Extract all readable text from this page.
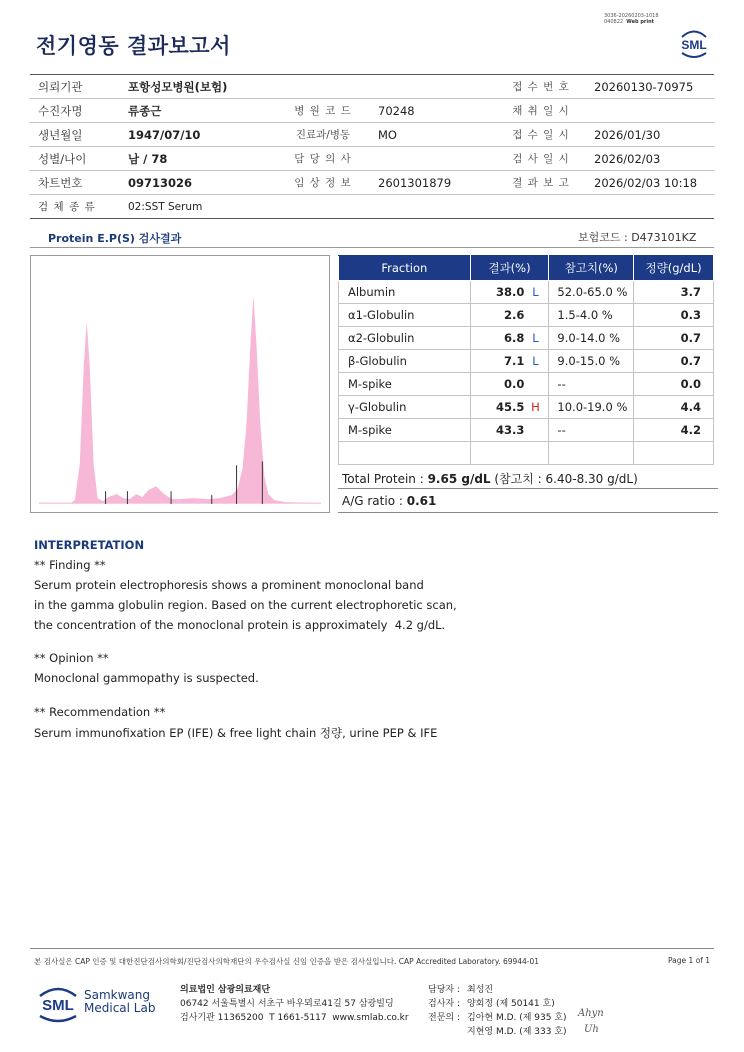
3036-20260203-1018
040822 Web print
전기영동 결과보고서	SML
의뢰기관	포항성모병원(보험)			접 수 번 호	20260130-70975
수진자명	류종근	병 원 코 드	70248	채 취 일 시	
생년월일	1947/07/10	진료과/병동	MO	접 수 일 시	2026/01/30
성별/나이	남 / 78	담 당 의 사		검 사 일 시	2026/02/03
차트번호	09713026	임 상 정 보	2601301879	결 과 보 고	2026/02/03 10:18
검 체 종 류	02:SST Serum				
Protein E.P(S) 검사결과	보험코드 : D473101KZ
Fraction	결과(%)	참고치(%)	정량(g/dL)
Albumin	38.0 L	52.0-65.0 %	3.7
α1-Globulin	2.6	1.5-4.0 %	0.3
α2-Globulin	6.8 L	9.0-14.0 %	0.7
β-Globulin	7.1 L	9.0-15.0 %	0.7
M-spike	0.0	--	0.0
γ-Globulin	45.5 H	10.0-19.0 %	4.4
M-spike	43.3	--	4.2

Total Protein : 9.65 g/dL (참고치 : 6.40-8.30 g/dL)
A/G ratio : 0.61
INTERPRETATION
** Finding **
Serum protein electrophoresis shows a prominent monoclonal band
in the gamma globulin region. Based on the current electrophoretic scan,
the concentration of the monoclonal protein is approximately  4.2 g/dL.
** Opinion **
Monoclonal gammopathy is suspected.
** Recommendation **
Serum immunofixation EP (IFE) & free light chain 정량, urine PEP & IFE
본 검사실은 CAP 인증 및 대한진단검사의학회/진단검사의학재단의 우수검사실 신임 인증을 받은 검사실입니다. CAP Accredited Laboratory. 69944-01	Page 1 of 1
SML
Samkwang
Medical Lab
의료법인 삼광의료재단
06742 서울특별시 서초구 바우뫼로41길 57 삼광빌딩
검사기관 11365200  T 1661-5117  www.smlab.co.kr
담당자 : 최성진
검사자 : 양회정 (제 50141 호)
전문의 : 김아현 M.D. (제 935 호)
지현영 M.D. (제 333 호)
Ahyn
Uh
